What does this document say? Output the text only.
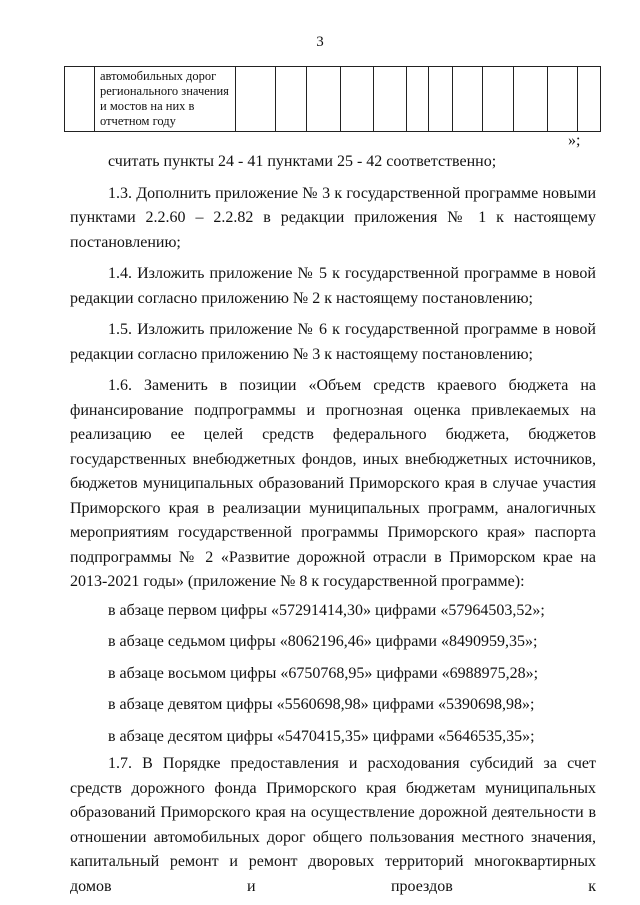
3
	автомобильных дорог регионального значения и мостов на них в отчетном году												
»;

считать пункты 24 - 41 пунктами 25 - 42 соответственно;

1.3. Дополнить приложение № 3 к государственной программе новыми пунктами 2.2.60 – 2.2.82 в редакции приложения № 1 к настоящему постановлению;

1.4. Изложить приложение № 5 к государственной программе в новой редакции согласно приложению № 2 к настоящему постановлению;

1.5. Изложить приложение № 6 к государственной программе в новой редакции согласно приложению № 3 к настоящему постановлению;

1.6. Заменить в позиции «Объем средств краевого бюджета на финансирование подпрограммы и прогнозная оценка привлекаемых на реализацию ее целей средств федерального бюджета, бюджетов государственных внебюджетных фондов, иных внебюджетных источников, бюджетов муниципальных образований Приморского края в случае участия Приморского края в реализации муниципальных программ, аналогичных мероприятиям государственной программы Приморского края» паспорта подпрограммы № 2 «Развитие дорожной отрасли в Приморском крае на 2013-2021 годы» (приложение № 8 к государственной программе):

в абзаце первом цифры «57291414,30» цифрами «57964503,52»;

в абзаце седьмом цифры «8062196,46» цифрами «8490959,35»;

в абзаце восьмом цифры «6750768,95» цифрами «6988975,28»;

в абзаце девятом цифры «5560698,98» цифрами «5390698,98»;

в абзаце десятом цифры «5470415,35» цифрами «5646535,35»;

1.7. В Порядке предоставления и расходования субсидий за счет средств дорожного фонда Приморского края бюджетам муниципальных образований Приморского края на осуществление дорожной деятельности в отношении автомобильных дорог общего пользования местного значения, капитальный ремонт и ремонт дворовых территорий многоквартирных домов и проездов к
